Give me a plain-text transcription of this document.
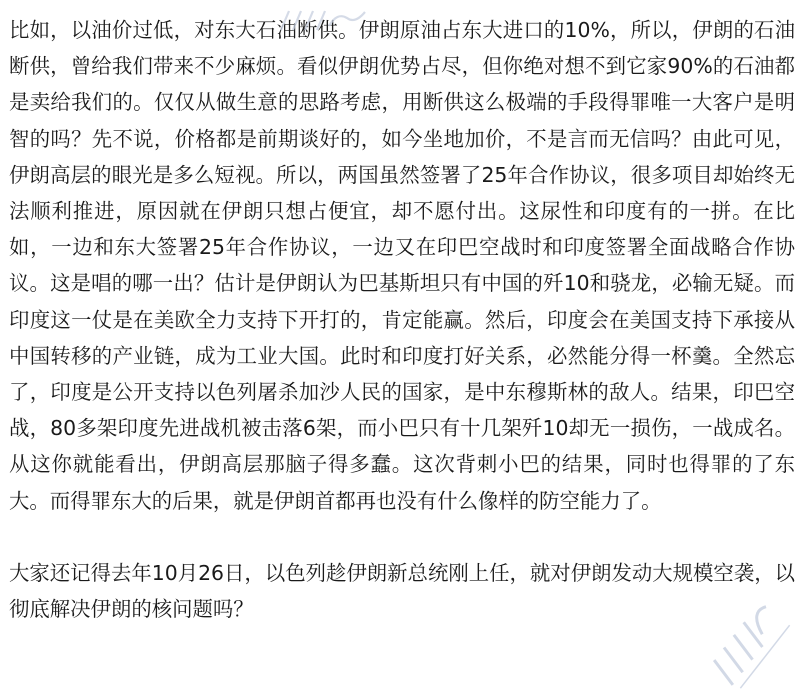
比如，以油价过低，对东大石油断供。伊朗原油占东大进口的10%，所以，伊朗的石油断供，曾给我们带来不少麻烦。看似伊朗优势占尽，但你绝对想不到它家90%的石油都是卖给我们的。仅仅从做生意的思路考虑，用断供这么极端的手段得罪唯一大客户是明智的吗？先不说，价格都是前期谈好的，如今坐地加价，不是言而无信吗？由此可见，伊朗高层的眼光是多么短视。所以，两国虽然签署了25年合作协议，很多项目却始终无法顺利推进，原因就在伊朗只想占便宜，却不愿付出。这尿性和印度有的一拼。在比如，一边和东大签署25年合作协议，一边又在印巴空战时和印度签署全面战略合作协议。这是唱的哪一出？估计是伊朗认为巴基斯坦只有中国的歼10和骁龙，必输无疑。而印度这一仗是在美欧全力支持下开打的，肯定能赢。然后，印度会在美国支持下承接从中国转移的产业链，成为工业大国。此时和印度打好关系，必然能分得一杯羹。全然忘了，印度是公开支持以色列屠杀加沙人民的国家，是中东穆斯林的敌人。结果，印巴空战，80多架印度先进战机被击落6架，而小巴只有十几架歼10却无一损伤，一战成名。从这你就能看出，伊朗高层那脑子得多蠢。这次背刺小巴的结果，同时也得罪的了东大。而得罪东大的后果，就是伊朗首都再也没有什么像样的防空能力了。

大家还记得去年10月26日，以色列趁伊朗新总统刚上任，就对伊朗发动大规模空袭，以彻底解决伊朗的核问题吗？
